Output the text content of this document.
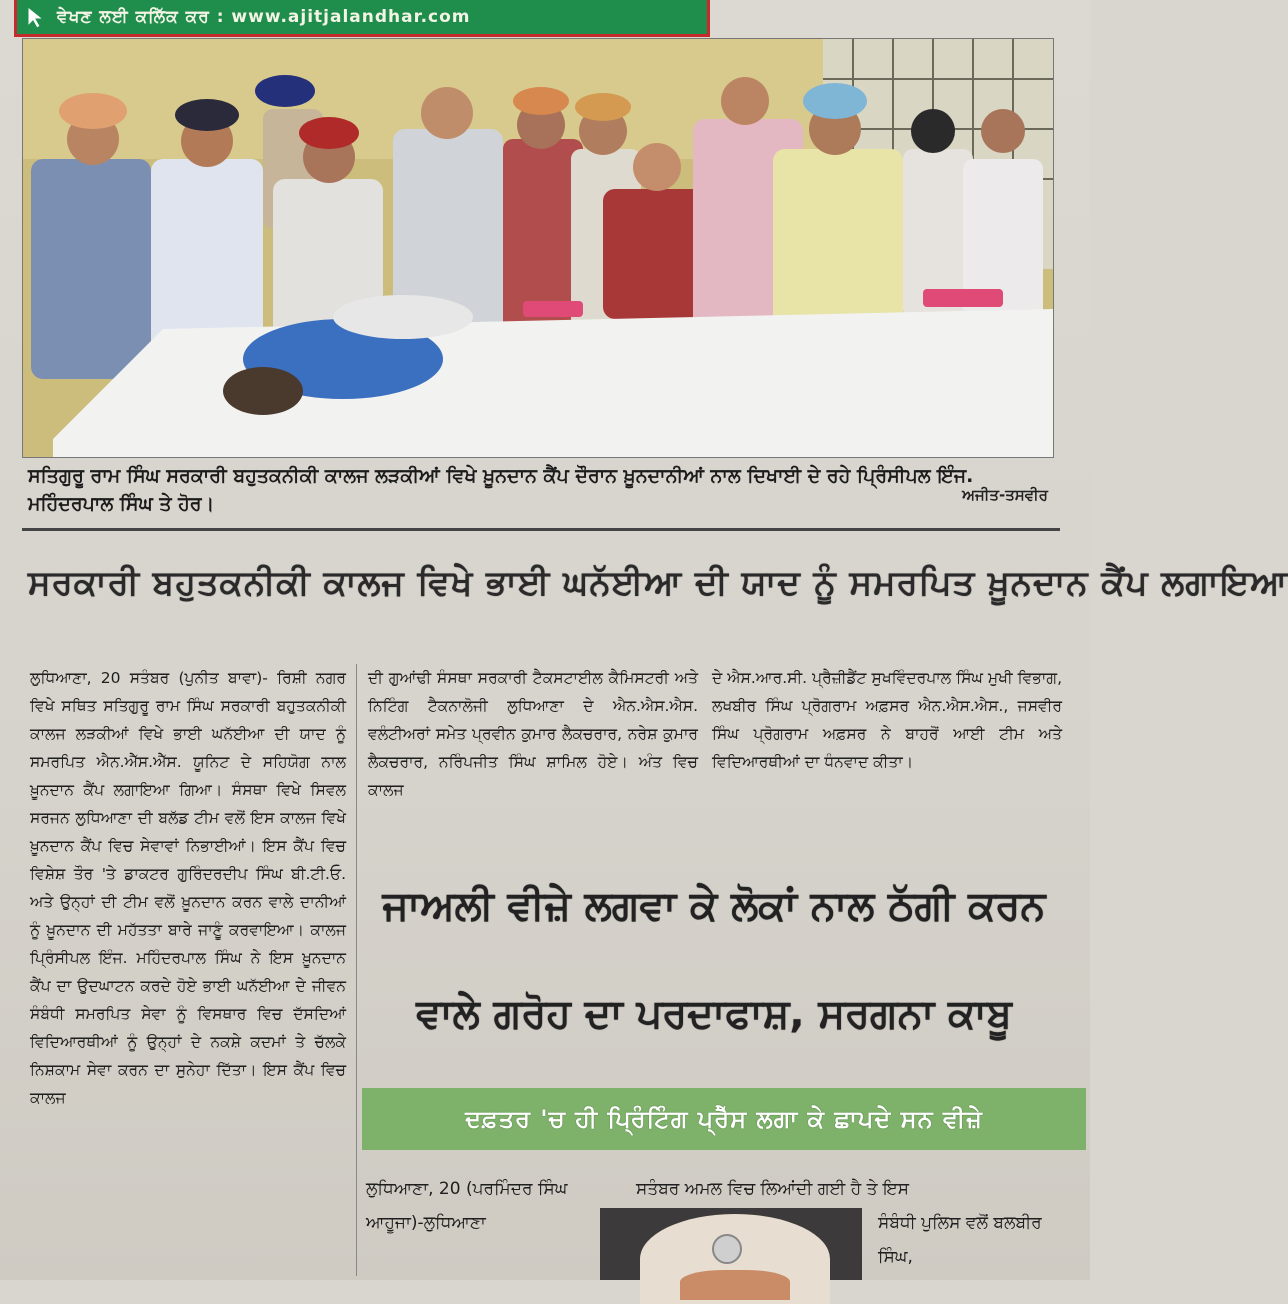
ਵੇਖਣ ਲਈ ਕਲਿੱਕ ਕਰ : www.ajitjalandhar.com
ਸਤਿਗੁਰੂ ਰਾਮ ਸਿੰਘ ਸਰਕਾਰੀ ਬਹੁਤਕਨੀਕੀ ਕਾਲਜ ਲੜਕੀਆਂ ਵਿਖੇ ਖ਼ੂਨਦਾਨ ਕੈਂਪ ਦੌਰਾਨ ਖ਼ੂਨਦਾਨੀਆਂ ਨਾਲ ਦਿਖਾਈ ਦੇ ਰਹੇ ਪ੍ਰਿੰਸੀਪਲ ਇੰਜ. ਮਹਿੰਦਰਪਾਲ ਸਿੰਘ ਤੇ ਹੋਰ।	ਅਜੀਤ-ਤਸਵੀਰ
ਸਰਕਾਰੀ ਬਹੁਤਕਨੀਕੀ ਕਾਲਜ ਵਿਖੇ ਭਾਈ ਘਨੱਈਆ ਦੀ ਯਾਦ ਨੂੰ ਸਮਰਪਿਤ ਖ਼ੂਨਦਾਨ ਕੈਂਪ ਲਗਾਇਆ
ਲੁਧਿਆਣਾ, 20 ਸਤੰਬਰ (ਪੁਨੀਤ ਬਾਵਾ)- ਰਿਸ਼ੀ ਨਗਰ ਵਿਖੇ ਸਥਿਤ ਸਤਿਗੁਰੂ ਰਾਮ ਸਿੰਘ ਸਰਕਾਰੀ ਬਹੁਤਕਨੀਕੀ ਕਾਲਜ ਲੜਕੀਆਂ ਵਿਖੇ ਭਾਈ ਘਨੱਈਆ ਦੀ ਯਾਦ ਨੂੰ ਸਮਰਪਿਤ ਐਨ.ਐੱਸ.ਐੱਸ. ਯੂਨਿਟ ਦੇ ਸਹਿਯੋਗ ਨਾਲ ਖ਼ੂਨਦਾਨ ਕੈਂਪ ਲਗਾਇਆ ਗਿਆ। ਸੰਸਥਾ ਵਿਖੇ ਸਿਵਲ ਸਰਜਨ ਲੁਧਿਆਣਾ ਦੀ ਬਲੱਡ ਟੀਮ ਵਲੋਂ ਇਸ ਕਾਲਜ ਵਿਖੇ ਖ਼ੂਨਦਾਨ ਕੈਂਪ ਵਿਚ ਸੇਵਾਵਾਂ ਨਿਭਾਈਆਂ। ਇਸ ਕੈਂਪ ਵਿਚ ਵਿਸ਼ੇਸ਼ ਤੌਰ 'ਤੇ ਡਾਕਟਰ ਗੁਰਿੰਦਰਦੀਪ ਸਿੰਘ ਬੀ.ਟੀ.ਓ. ਅਤੇ ਉਨ੍ਹਾਂ ਦੀ ਟੀਮ ਵਲੋਂ ਖ਼ੂਨਦਾਨ ਕਰਨ ਵਾਲੇ ਦਾਨੀਆਂ ਨੂੰ ਖ਼ੂਨਦਾਨ ਦੀ ਮਹੱਤਤਾ ਬਾਰੇ ਜਾਣੂੰ ਕਰਵਾਇਆ। ਕਾਲਜ ਪ੍ਰਿੰਸੀਪਲ ਇੰਜ. ਮਹਿੰਦਰਪਾਲ ਸਿੰਘ ਨੇ ਇਸ ਖ਼ੂਨਦਾਨ ਕੈਂਪ ਦਾ ਉਦਘਾਟਨ ਕਰਦੇ ਹੋਏ ਭਾਈ ਘਨੱਈਆ ਦੇ ਜੀਵਨ ਸੰਬੰਧੀ ਸਮਰਪਿਤ ਸੇਵਾ ਨੂੰ ਵਿਸਥਾਰ ਵਿਚ ਦੱਸਦਿਆਂ ਵਿਦਿਆਰਥੀਆਂ ਨੂੰ ਉਨ੍ਹਾਂ ਦੇ ਨਕਸ਼ੇ ਕਦਮਾਂ ਤੇ ਚੱਲਕੇ ਨਿਸ਼ਕਾਮ ਸੇਵਾ ਕਰਨ ਦਾ ਸੁਨੇਹਾ ਦਿੱਤਾ। ਇਸ ਕੈਂਪ ਵਿਚ ਕਾਲਜ
ਦੀ ਗੁਆਂਢੀ ਸੰਸਥਾ ਸਰਕਾਰੀ ਟੈਕਸਟਾਈਲ ਕੈਮਿਸਟਰੀ ਅਤੇ ਨਿਟਿੰਗ ਟੈਕਨਾਲੋਜੀ ਲੁਧਿਆਣਾ ਦੇ ਐਨ.ਐਸ.ਐਸ. ਵਲੰਟੀਅਰਾਂ ਸਮੇਤ ਪ੍ਰਵੀਨ ਕੁਮਾਰ ਲੈਕਚਰਾਰ, ਨਰੇਸ਼ ਕੁਮਾਰ ਲੈਕਚਰਾਰ, ਨਰਿੰਪਜੀਤ ਸਿੰਘ ਸ਼ਾਮਿਲ ਹੋਏ। ਅੰਤ ਵਿਚ ਕਾਲਜ
ਦੇ ਐਸ.ਆਰ.ਸੀ. ਪ੍ਰੈਜ਼ੀਡੈਂਟ ਸੁਖਵਿੰਦਰਪਾਲ ਸਿੰਘ ਮੁਖੀ ਵਿਭਾਗ, ਲਖਬੀਰ ਸਿੰਘ ਪ੍ਰੋਗਰਾਮ ਅਫ਼ਸਰ ਐਨ.ਐਸ.ਐਸ., ਜਸਵੀਰ ਸਿੰਘ ਪ੍ਰੋਗਰਾਮ ਅਫ਼ਸਰ ਨੇ ਬਾਹਰੋਂ ਆਈ ਟੀਮ ਅਤੇ ਵਿਦਿਆਰਥੀਆਂ ਦਾ ਧੰਨਵਾਦ ਕੀਤਾ।
ਜਾਅਲੀ ਵੀਜ਼ੇ ਲਗਵਾ ਕੇ ਲੋਕਾਂ ਨਾਲ ਠੱਗੀ ਕਰਨ ਵਾਲੇ ਗਰੋਹ ਦਾ ਪਰਦਾਫਾਸ਼, ਸਰਗਨਾ ਕਾਬੂ
ਦਫ਼ਤਰ 'ਚ ਹੀ ਪ੍ਰਿੰਟਿੰਗ ਪ੍ਰੈੱਸ ਲਗਾ ਕੇ ਛਾਪਦੇ ਸਨ ਵੀਜ਼ੇ
ਲੁਧਿਆਣਾ, 20 (ਪਰਮਿੰਦਰ ਸਿੰਘ ਆਹੂਜਾ)-ਲੁਧਿਆਣਾ
ਸਤੰਬਰ ਅਮਲ ਵਿਚ ਲਿਆਂਦੀ ਗਈ ਹੈ ਤੇ ਇਸ
ਸੰਬੰਧੀ ਪੁਲਿਸ ਵਲੋਂ ਬਲਬੀਰ ਸਿੰਘ,
